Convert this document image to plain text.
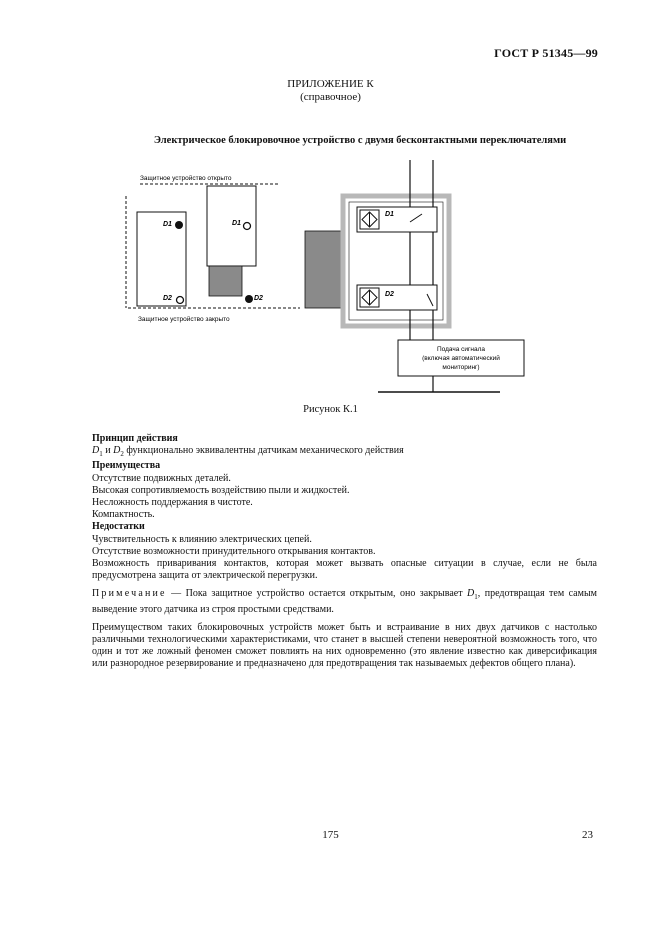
ГОСТ Р 51345—99
ПРИЛОЖЕНИЕ К
(справочное)
Электрическое блокировочное устройство с двумя бесконтактными переключателями
Защитное устройство открыто
Защитное устройство закрыто
D1
D2
D1
D2
D1
D2
Подача сигнала
(включая автоматический
мониторинг)
Рисунок К.1

Принцип действия

$D_1$ и $D_2$ функционально эквивалентны датчикам механического действия

Преимущества

Отсутствие подвижных деталей.

Высокая сопротивляемость воздействию пыли и жидкостей.

Несложность поддержания в чистоте.

Компактность.

Недостатки

Чувствительность к влиянию электрических цепей.

Отсутствие возможности принудительного открывания контактов.

Возможность приваривания контактов, которая может вызвать опасные ситуации в случае, если не была предусмотрена защита от электрической перегрузки.

Примечание — Пока защитное устройство остается открытым, оно закрывает $D_1$, предотвращая тем самым выведение этого датчика из строя простыми средствами.

Преимуществом таких блокировочных устройств может быть и встраивание в них двух датчиков с настолько различными технологическими характеристиками, что станет в высшей степени невероятной возможность того, что один и тот же ложный феномен сможет повлиять на них одновременно (это явление известно как диверсификация или разнородное резервирование и предназначено для предотвращения так называемых дефектов общего плана).

175	23
